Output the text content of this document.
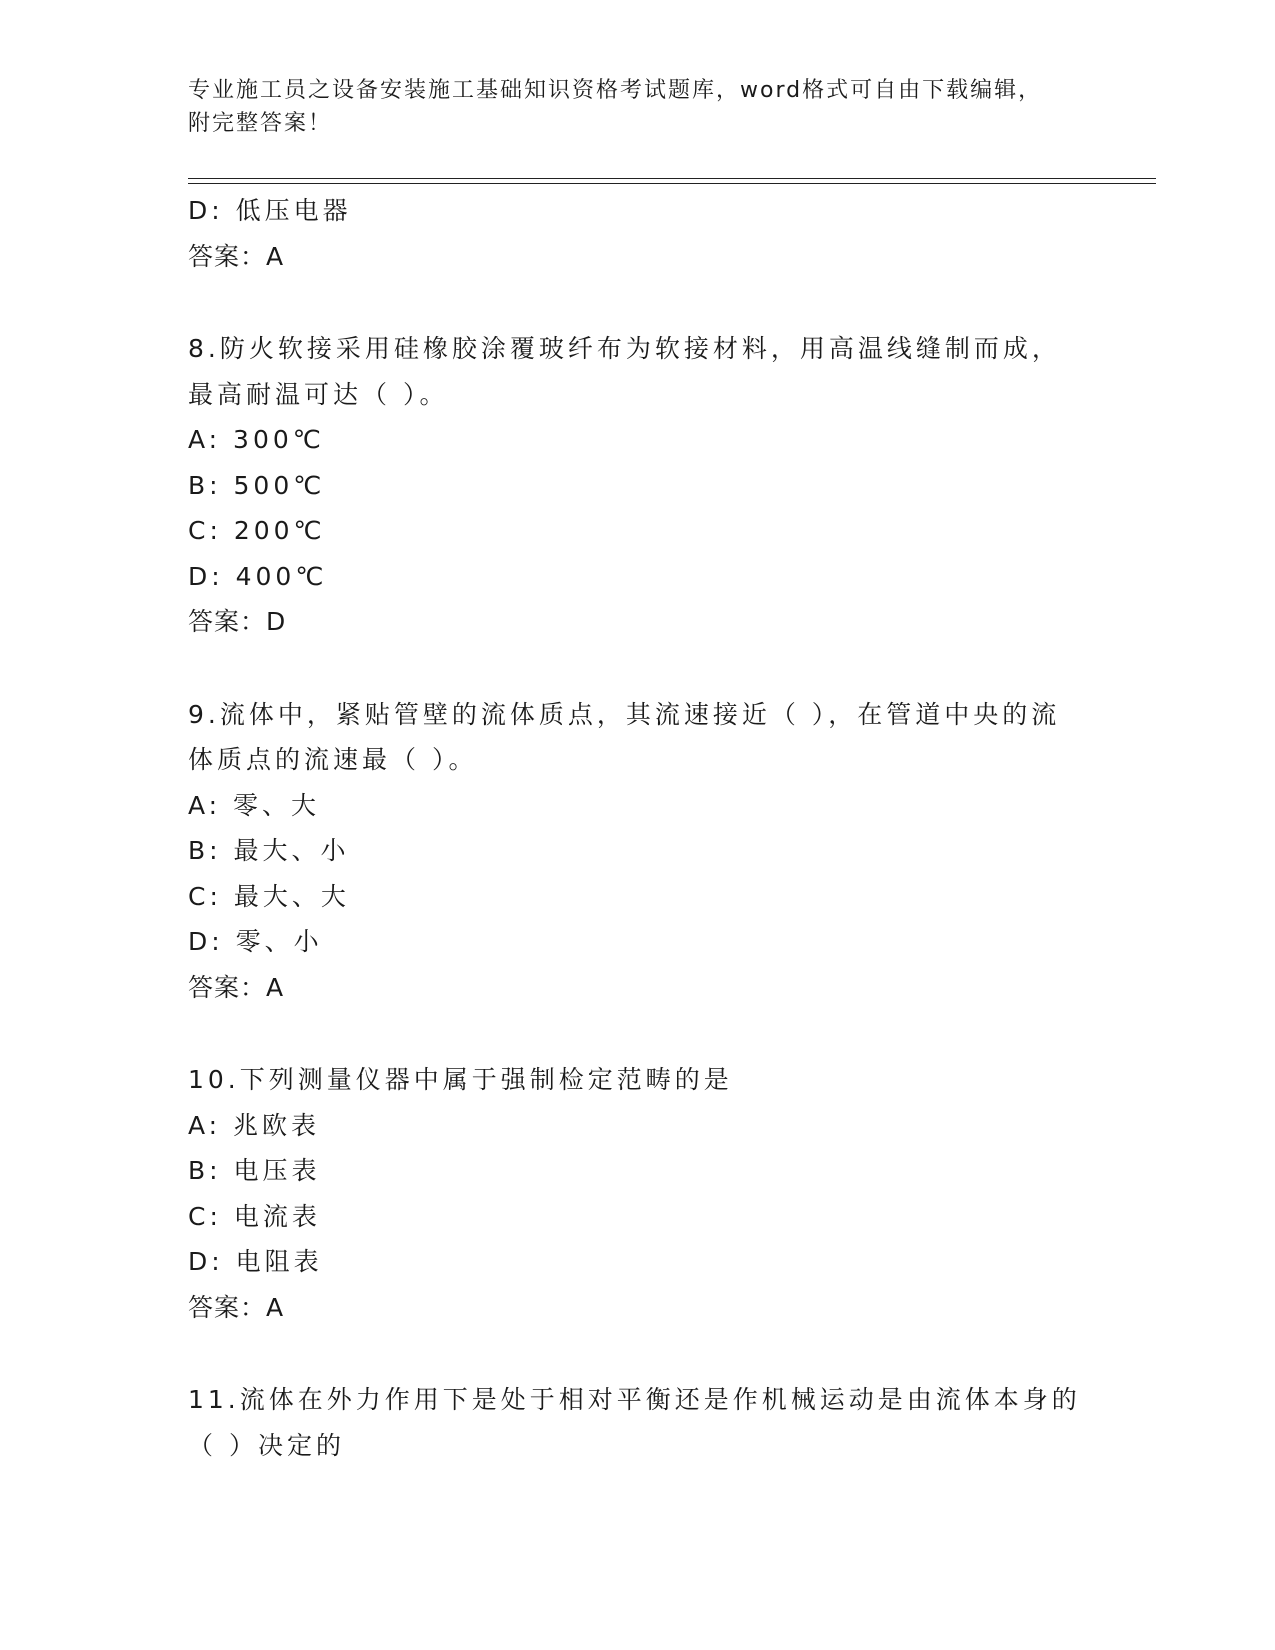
专业施工员之设备安装施工基础知识资格考试题库，word格式可自由下载编辑，
附完整答案！
D: 低压电器
答案：A
8.防火软接采用硅橡胶涂覆玻纤布为软接材料，用高温线缝制而成，
最高耐温可达（ ）。
A: 300℃
B: 500℃
C: 200℃
D: 400℃
答案：D
9.流体中，紧贴管壁的流体质点，其流速接近（ ），在管道中央的流
体质点的流速最（ ）。
A: 零、大
B: 最大、小
C: 最大、大
D: 零、小
答案：A
10.下列测量仪器中属于强制检定范畴的是
A: 兆欧表
B: 电压表
C: 电流表
D: 电阻表
答案：A
11.流体在外力作用下是处于相对平衡还是作机械运动是由流体本身的
（ ）决定的
